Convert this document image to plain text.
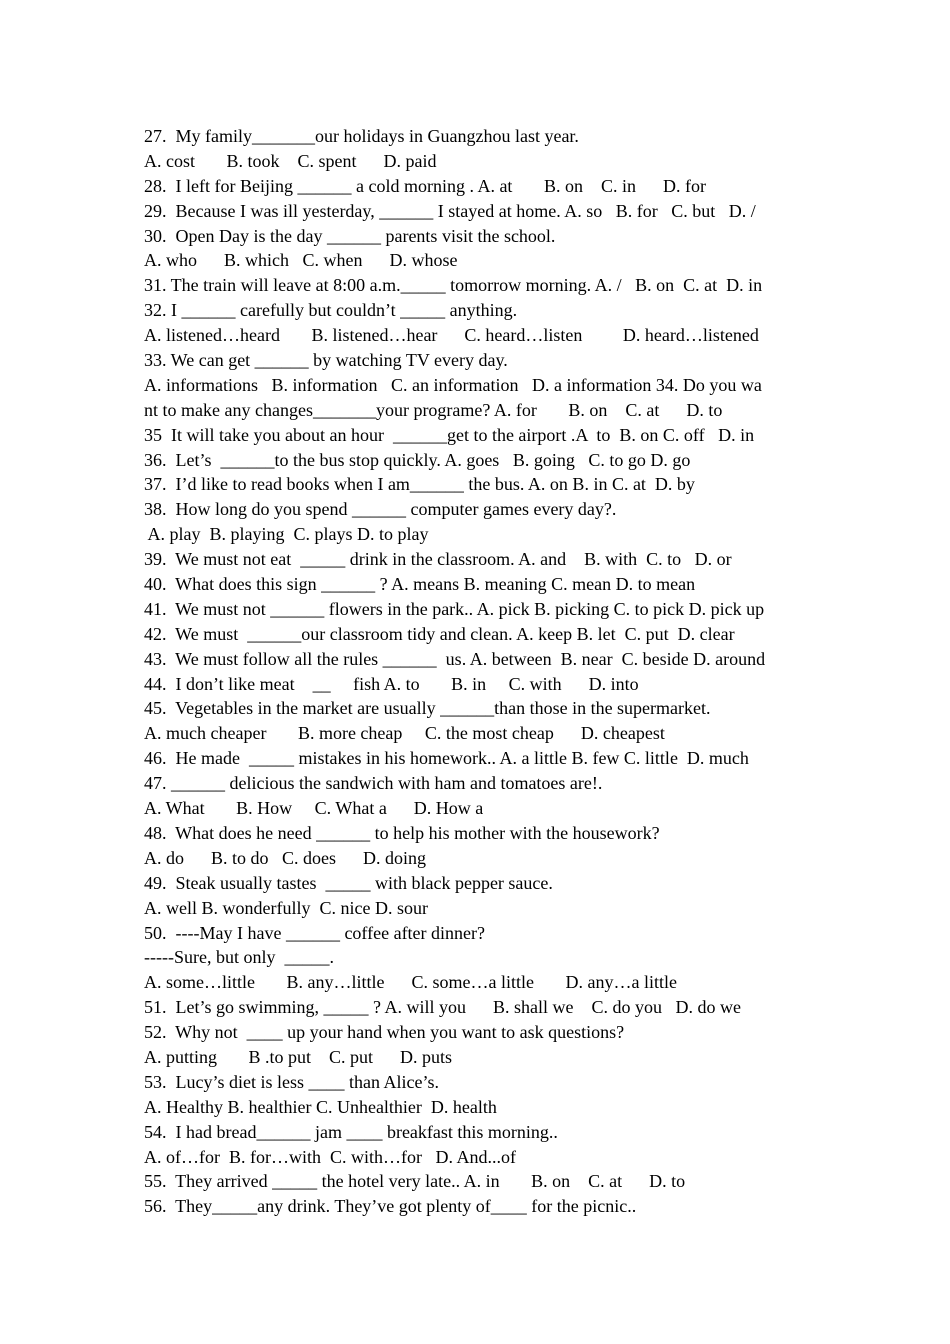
27.  My family_______our holidays in Guangzhou last year.
A. cost       B. took    C. spent      D. paid
28.  I left for Beijing ______ a cold morning . A. at       B. on    C. in      D. for
29.  Because I was ill yesterday, ______ I stayed at home. A. so   B. for   C. but   D. /
30.  Open Day is the day ______ parents visit the school.
A. who      B. which   C. when      D. whose
31. The train will leave at 8:00 a.m._____ tomorrow morning. A. /   B. on  C. at  D. in
32. I ______ carefully but couldn’t _____ anything.
A. listened…heard       B. listened…hear      C. heard…listen         D. heard…listened
33. We can get ______ by watching TV every day.
A. informations   B. information   C. an information   D. a information 34. Do you wa
nt to make any changes_______your programe? A. for       B. on    C. at      D. to
35  It will take you about an hour  ______get to the airport .A  to  B. on C. off   D. in
36.  Let’s  ______to the bus stop quickly. A. goes   B. going   C. to go D. go
37.  I’d like to read books when I am______ the bus. A. on B. in C. at  D. by
38.  How long do you spend ______ computer games every day?.
A. play  B. playing  C. plays D. to play
39.  We must not eat  _____ drink in the classroom. A. and    B. with  C. to   D. or
40.  What does this sign ______ ? A. means B. meaning C. mean D. to mean
41.  We must not ______ flowers in the park.. A. pick B. picking C. to pick D. pick up
42.  We must  ______our classroom tidy and clean. A. keep B. let  C. put  D. clear
43.  We must follow all the rules ______  us. A. between  B. near  C. beside D. around
44.  I don’t like meat    __     fish A. to       B. in     C. with      D. into
45.  Vegetables in the market are usually ______than those in the supermarket.
A. much cheaper       B. more cheap     C. the most cheap      D. cheapest
46.  He made  _____ mistakes in his homework.. A. a little B. few C. little  D. much
47. ______ delicious the sandwich with ham and tomatoes are!.
A. What       B. How     C. What a      D. How a
48.  What does he need ______ to help his mother with the housework?
A. do      B. to do   C. does      D. doing
49.  Steak usually tastes  _____ with black pepper sauce.
A. well B. wonderfully  C. nice D. sour
50.  ----May I have ______ coffee after dinner?
-----Sure, but only  _____.
A. some…little       B. any…little      C. some…a little       D. any…a little
51.  Let’s go swimming, _____ ? A. will you      B. shall we    C. do you   D. do we
52.  Why not  ____ up your hand when you want to ask questions?
A. putting       B .to put    C. put      D. puts
53.  Lucy’s diet is less ____ than Alice’s.
A. Healthy B. healthier C. Unhealthier  D. health
54.  I had bread______ jam ____ breakfast this morning..
A. of…for  B. for…with  C. with…for   D. And...of
55.  They arrived _____ the hotel very late.. A. in       B. on    C. at      D. to
56.  They_____any drink. They’ve got plenty of____ for the picnic..
